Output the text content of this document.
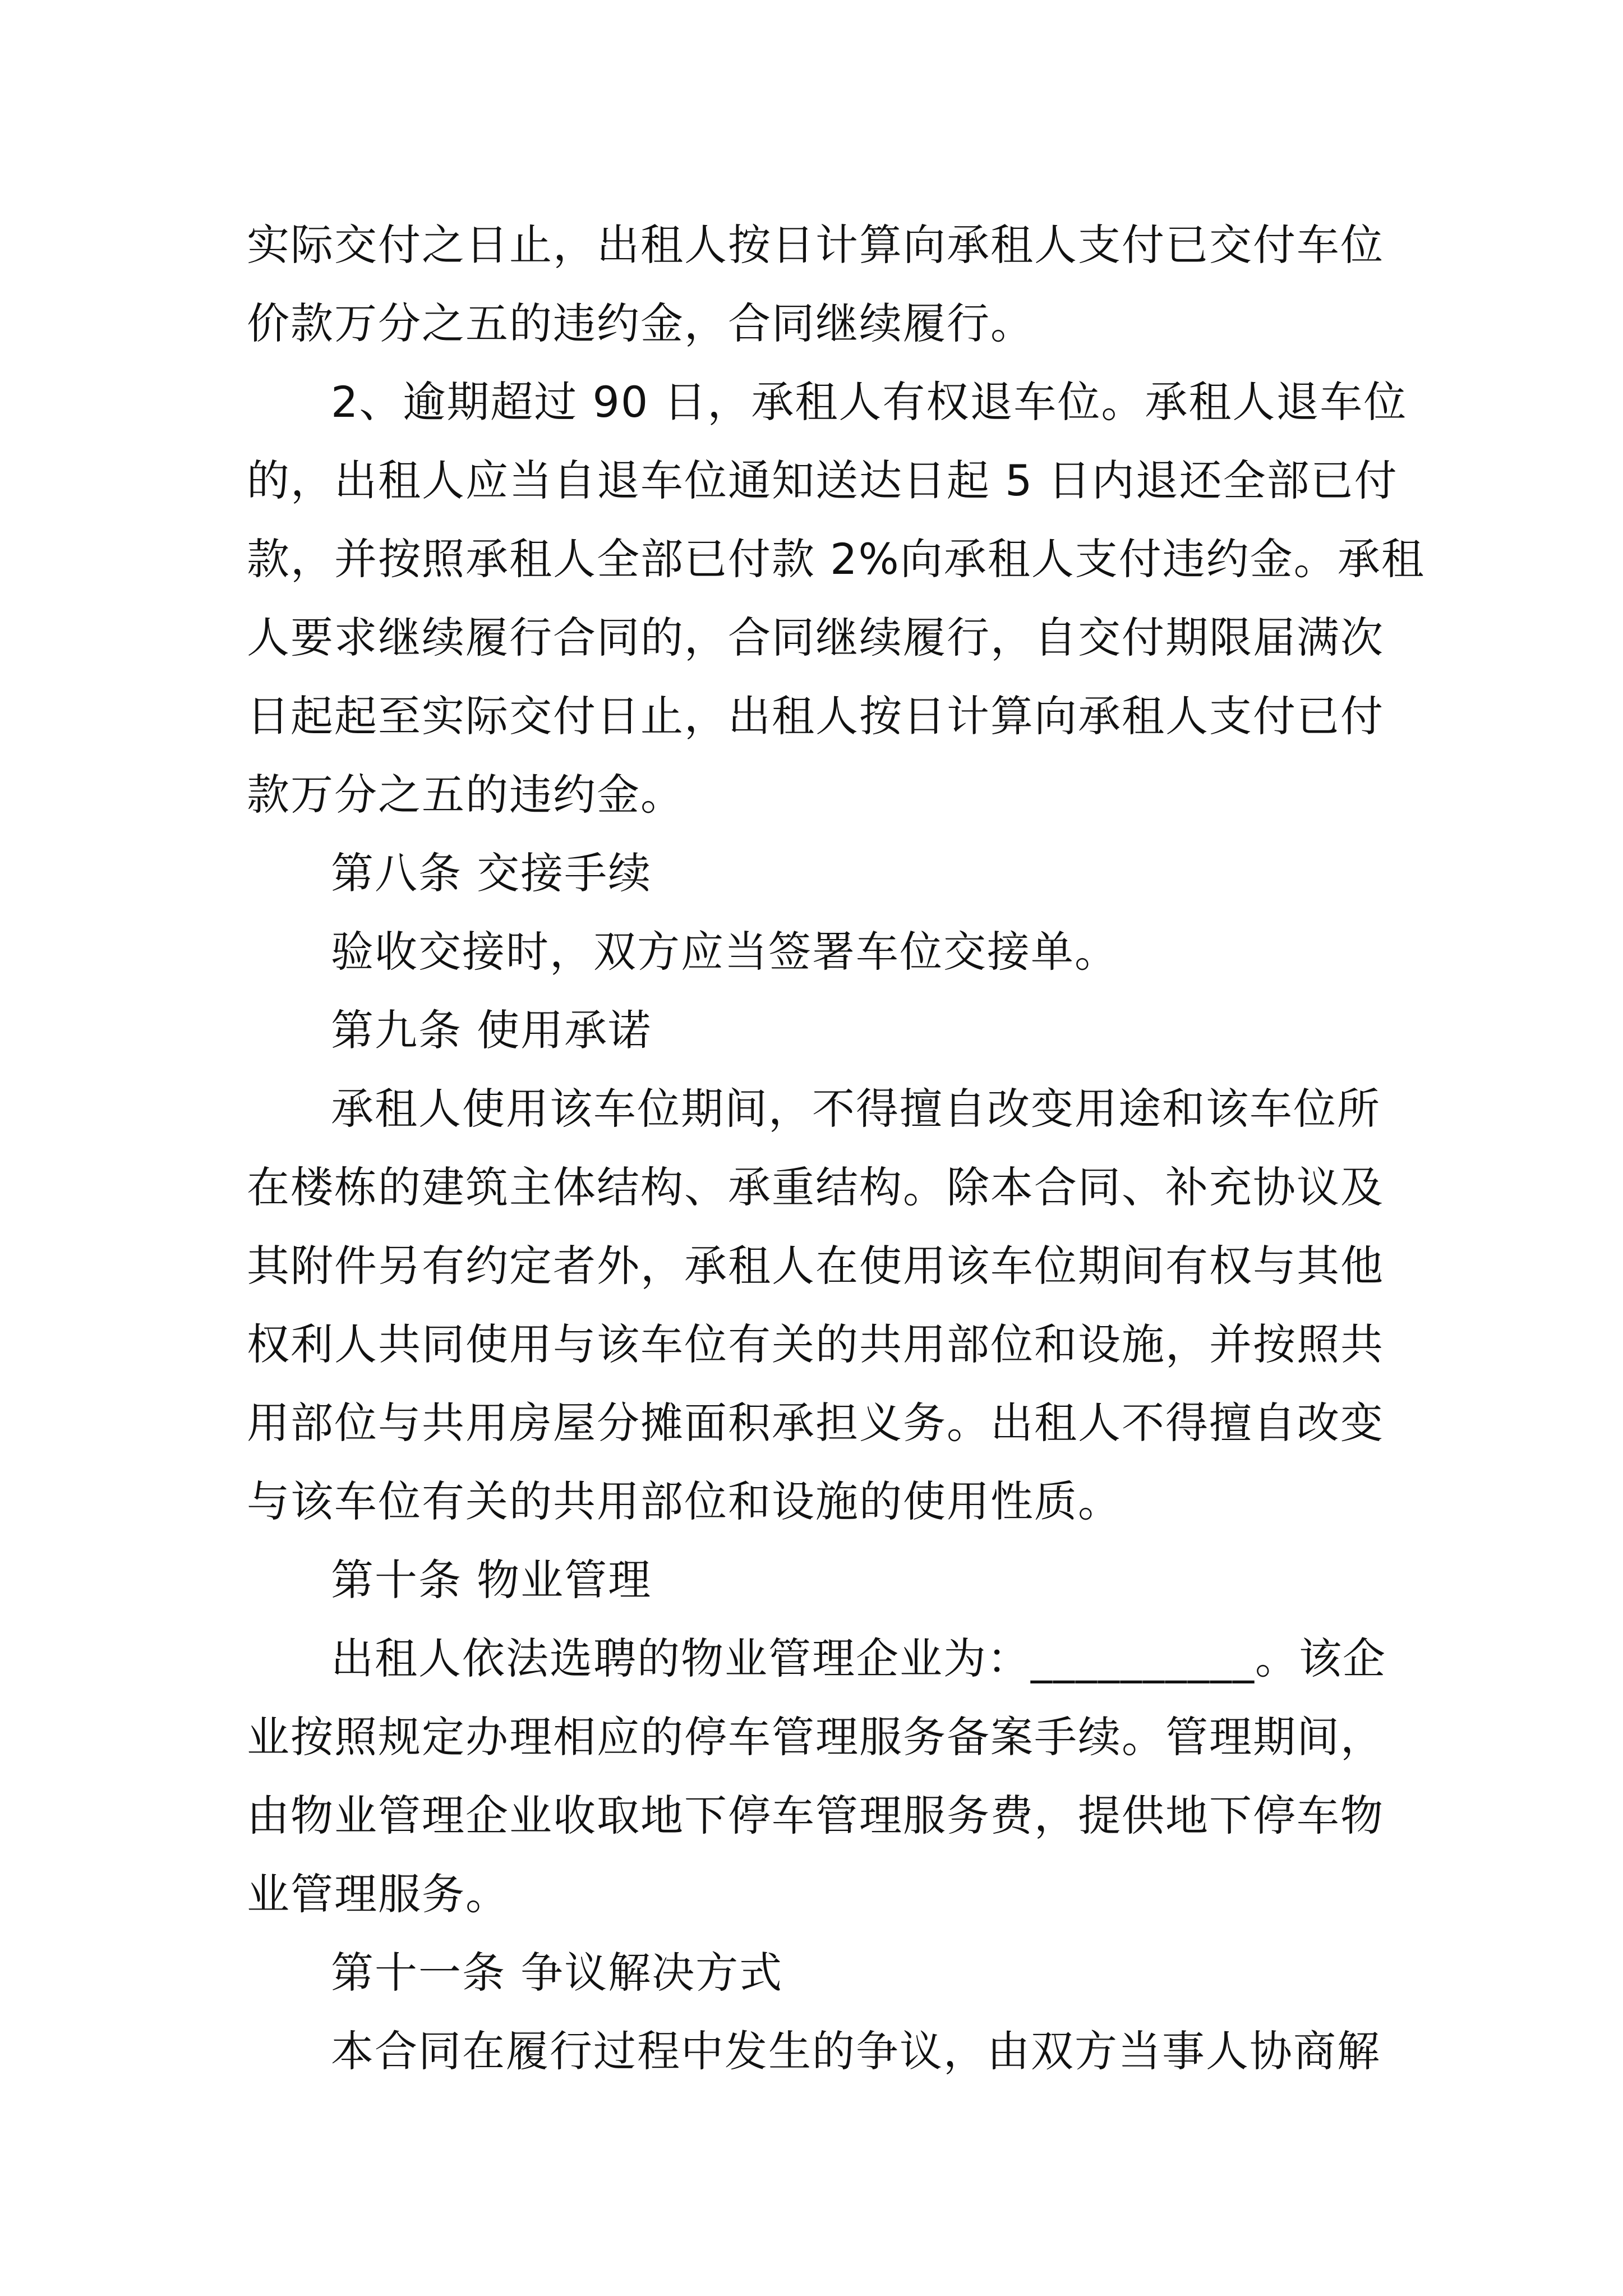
实际交付之日止，出租人按日计算向承租人支付已交付车位
价款万分之五的违约金，合同继续履行。
2、逾期超过 90 日，承租人有权退车位。承租人退车位
的，出租人应当自退车位通知送达日起 5 日内退还全部已付
款，并按照承租人全部已付款 2%向承租人支付违约金。承租
人要求继续履行合同的，合同继续履行，自交付期限届满次
日起起至实际交付日止，出租人按日计算向承租人支付已付
款万分之五的违约金。
第八条 交接手续
验收交接时，双方应当签署车位交接单。
第九条 使用承诺
承租人使用该车位期间，不得擅自改变用途和该车位所
在楼栋的建筑主体结构、承重结构。除本合同、补充协议及
其附件另有约定者外，承租人在使用该车位期间有权与其他
权利人共同使用与该车位有关的共用部位和设施，并按照共
用部位与共用房屋分摊面积承担义务。出租人不得擅自改变
与该车位有关的共用部位和设施的使用性质。
第十条 物业管理
出租人依法选聘的物业管理企业为：__________。该企
业按照规定办理相应的停车管理服务备案手续。管理期间，
由物业管理企业收取地下停车管理服务费，提供地下停车物
业管理服务。
第十一条 争议解决方式
本合同在履行过程中发生的争议，由双方当事人协商解
